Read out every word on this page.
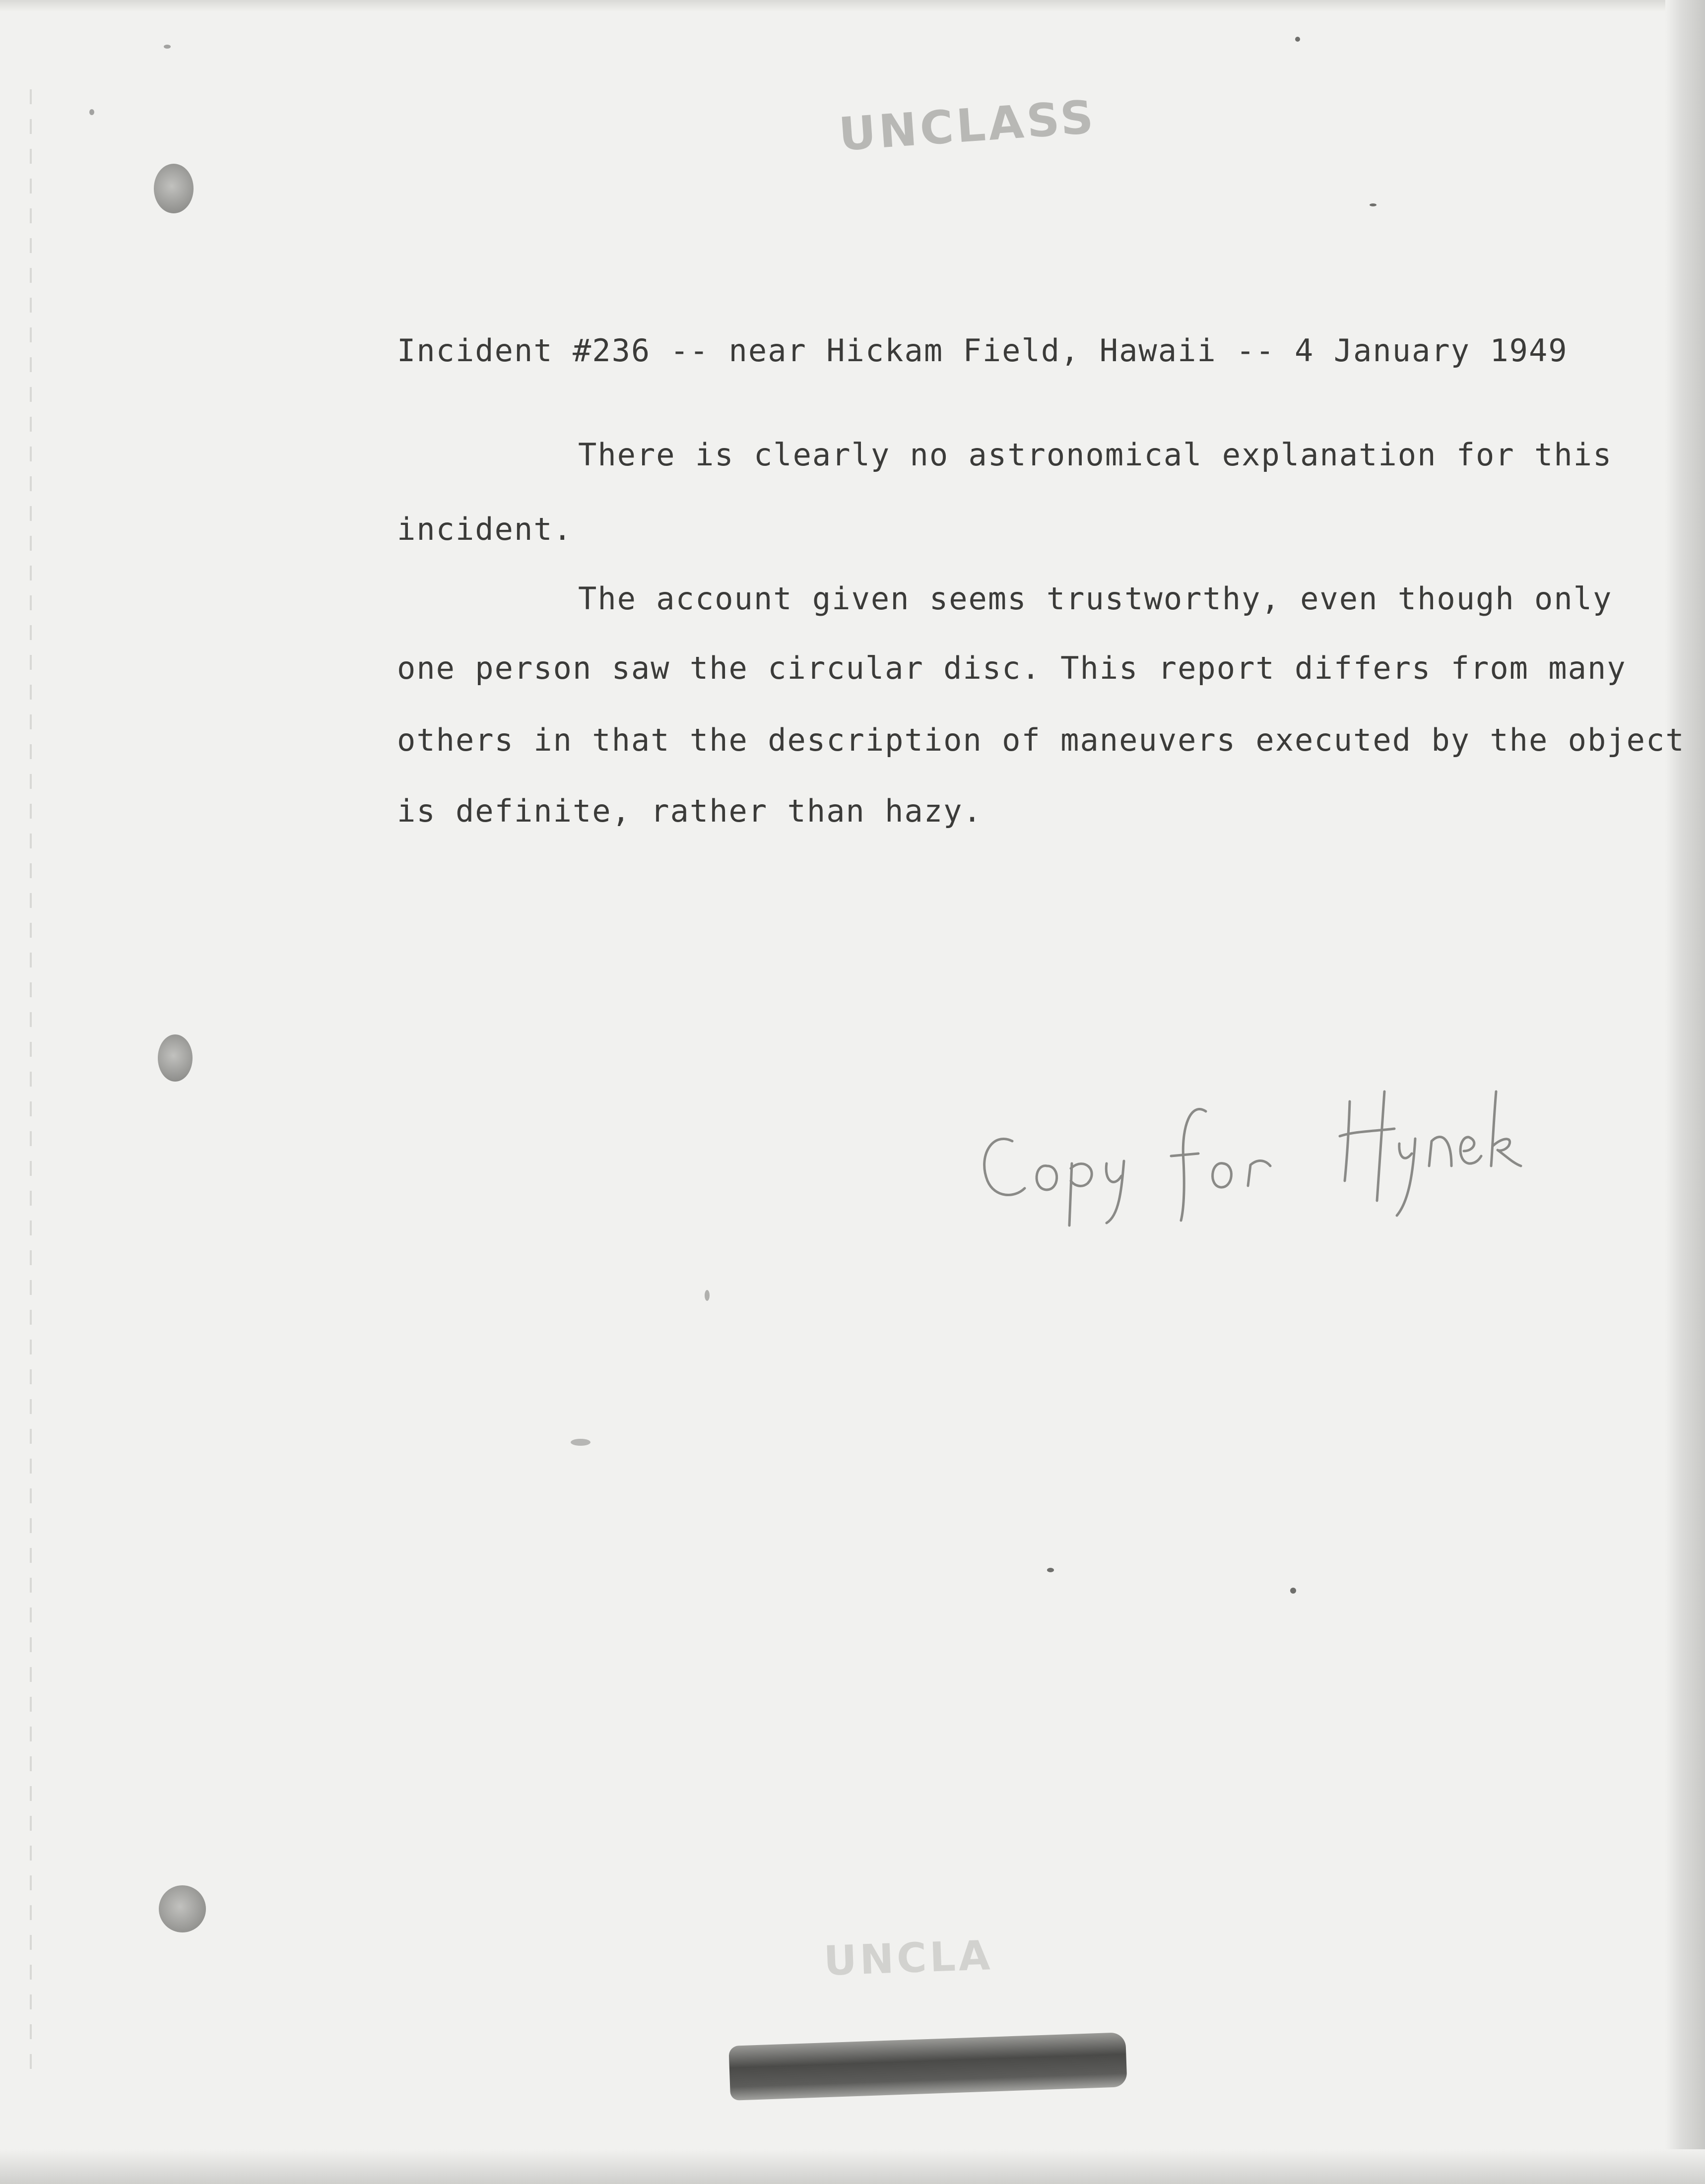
UNCLASS
UNCLA
Incident #236 -- near Hickam Field, Hawaii -- 4 January 1949
There is clearly no astronomical explanation for this
incident.
The account given seems trustworthy, even though only
one person saw the circular disc. This report differs from many
others in that the description of maneuvers executed by the object
is definite, rather than hazy.
